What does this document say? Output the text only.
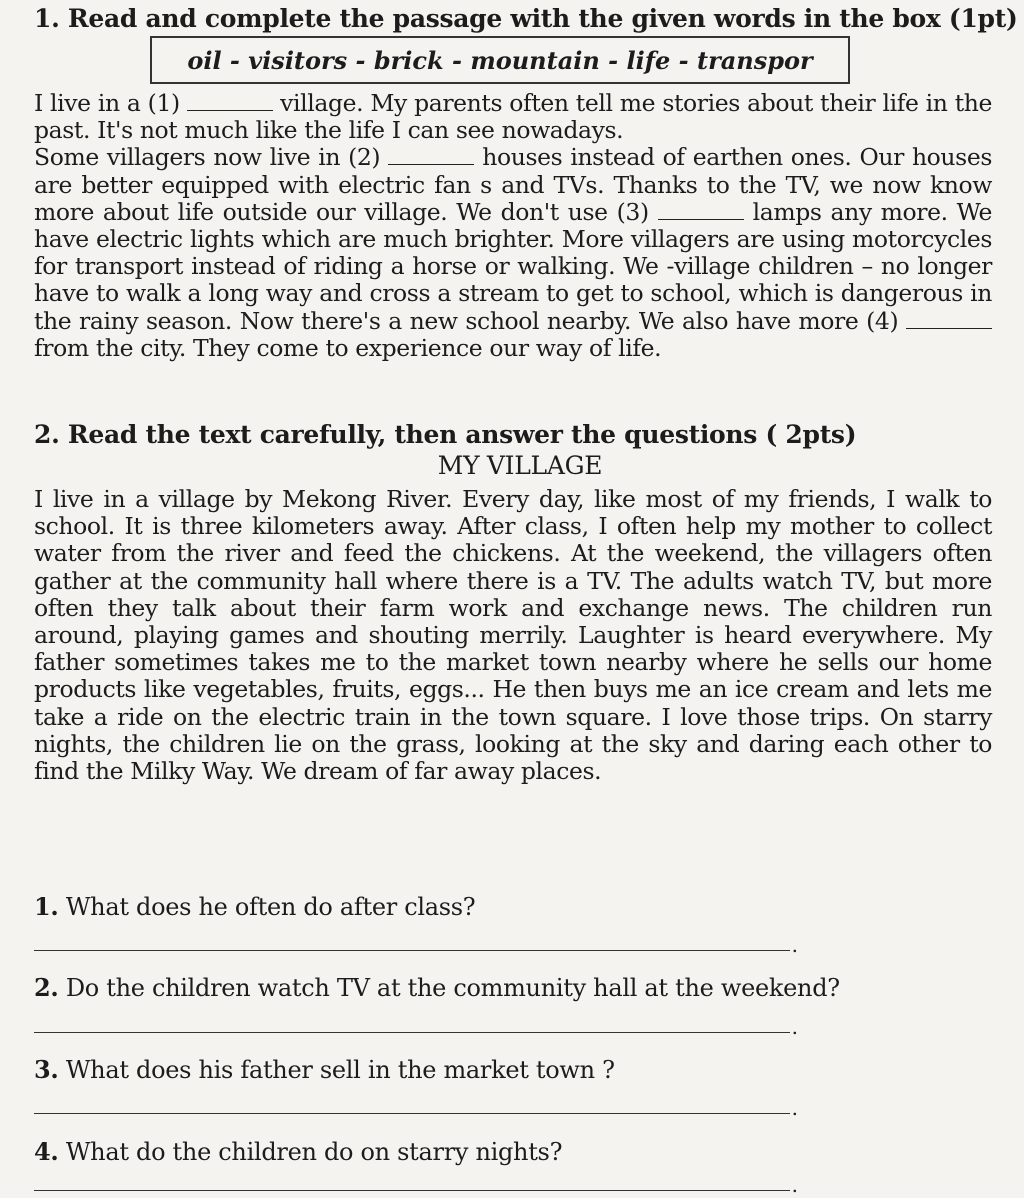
1. Read and complete the passage with the given words in the box (1pt)
oil - visitors - brick - mountain - life - transpor
I live in a (1)	village. My parents often tell me stories about their life in the past. It's not much like the life I can see nowadays.
Some villagers now live in (2)	houses instead of earthen ones. Our houses are better equipped with electric fan s and TVs. Thanks to the TV, we now know more about life outside our village. We don't use (3)	lamps any more. We have electric lights which are much brighter. More villagers are using motorcycles for transport instead of riding a horse or walking. We -village children – no longer have to walk a long way and cross a stream to get to school, which is dangerous in the rainy season. Now there's a new school nearby. We also have more (4)  from the city. They come to experience our way of life.
2. Read the text carefully, then answer the questions ( 2pts)
MY VILLAGE
I live in a village by Mekong River. Every day, like most of my friends, I walk to school. It is three kilometers away. After class, I often help my mother to collect water from the river and feed the chickens. At the weekend, the villagers often gather at the community hall where there is a TV. The adults watch TV, but more often they talk about their farm work and exchange news. The children run around, playing games and shouting merrily. Laughter is heard everywhere. My father sometimes takes me to the market town nearby where he sells our home products like vegetables, fruits, eggs... He then buys me an ice cream and lets me take a ride on the electric train in the town square. I love those trips. On starry nights, the children lie on the grass, looking at the sky and daring each other to find the Milky Way. We dream of far away places.
1. What does he often do after class?
.
2. Do the children watch TV at the community hall at the weekend?
.
3. What does his father sell in the market town ?
.
4. What do the children do on starry nights?
.
